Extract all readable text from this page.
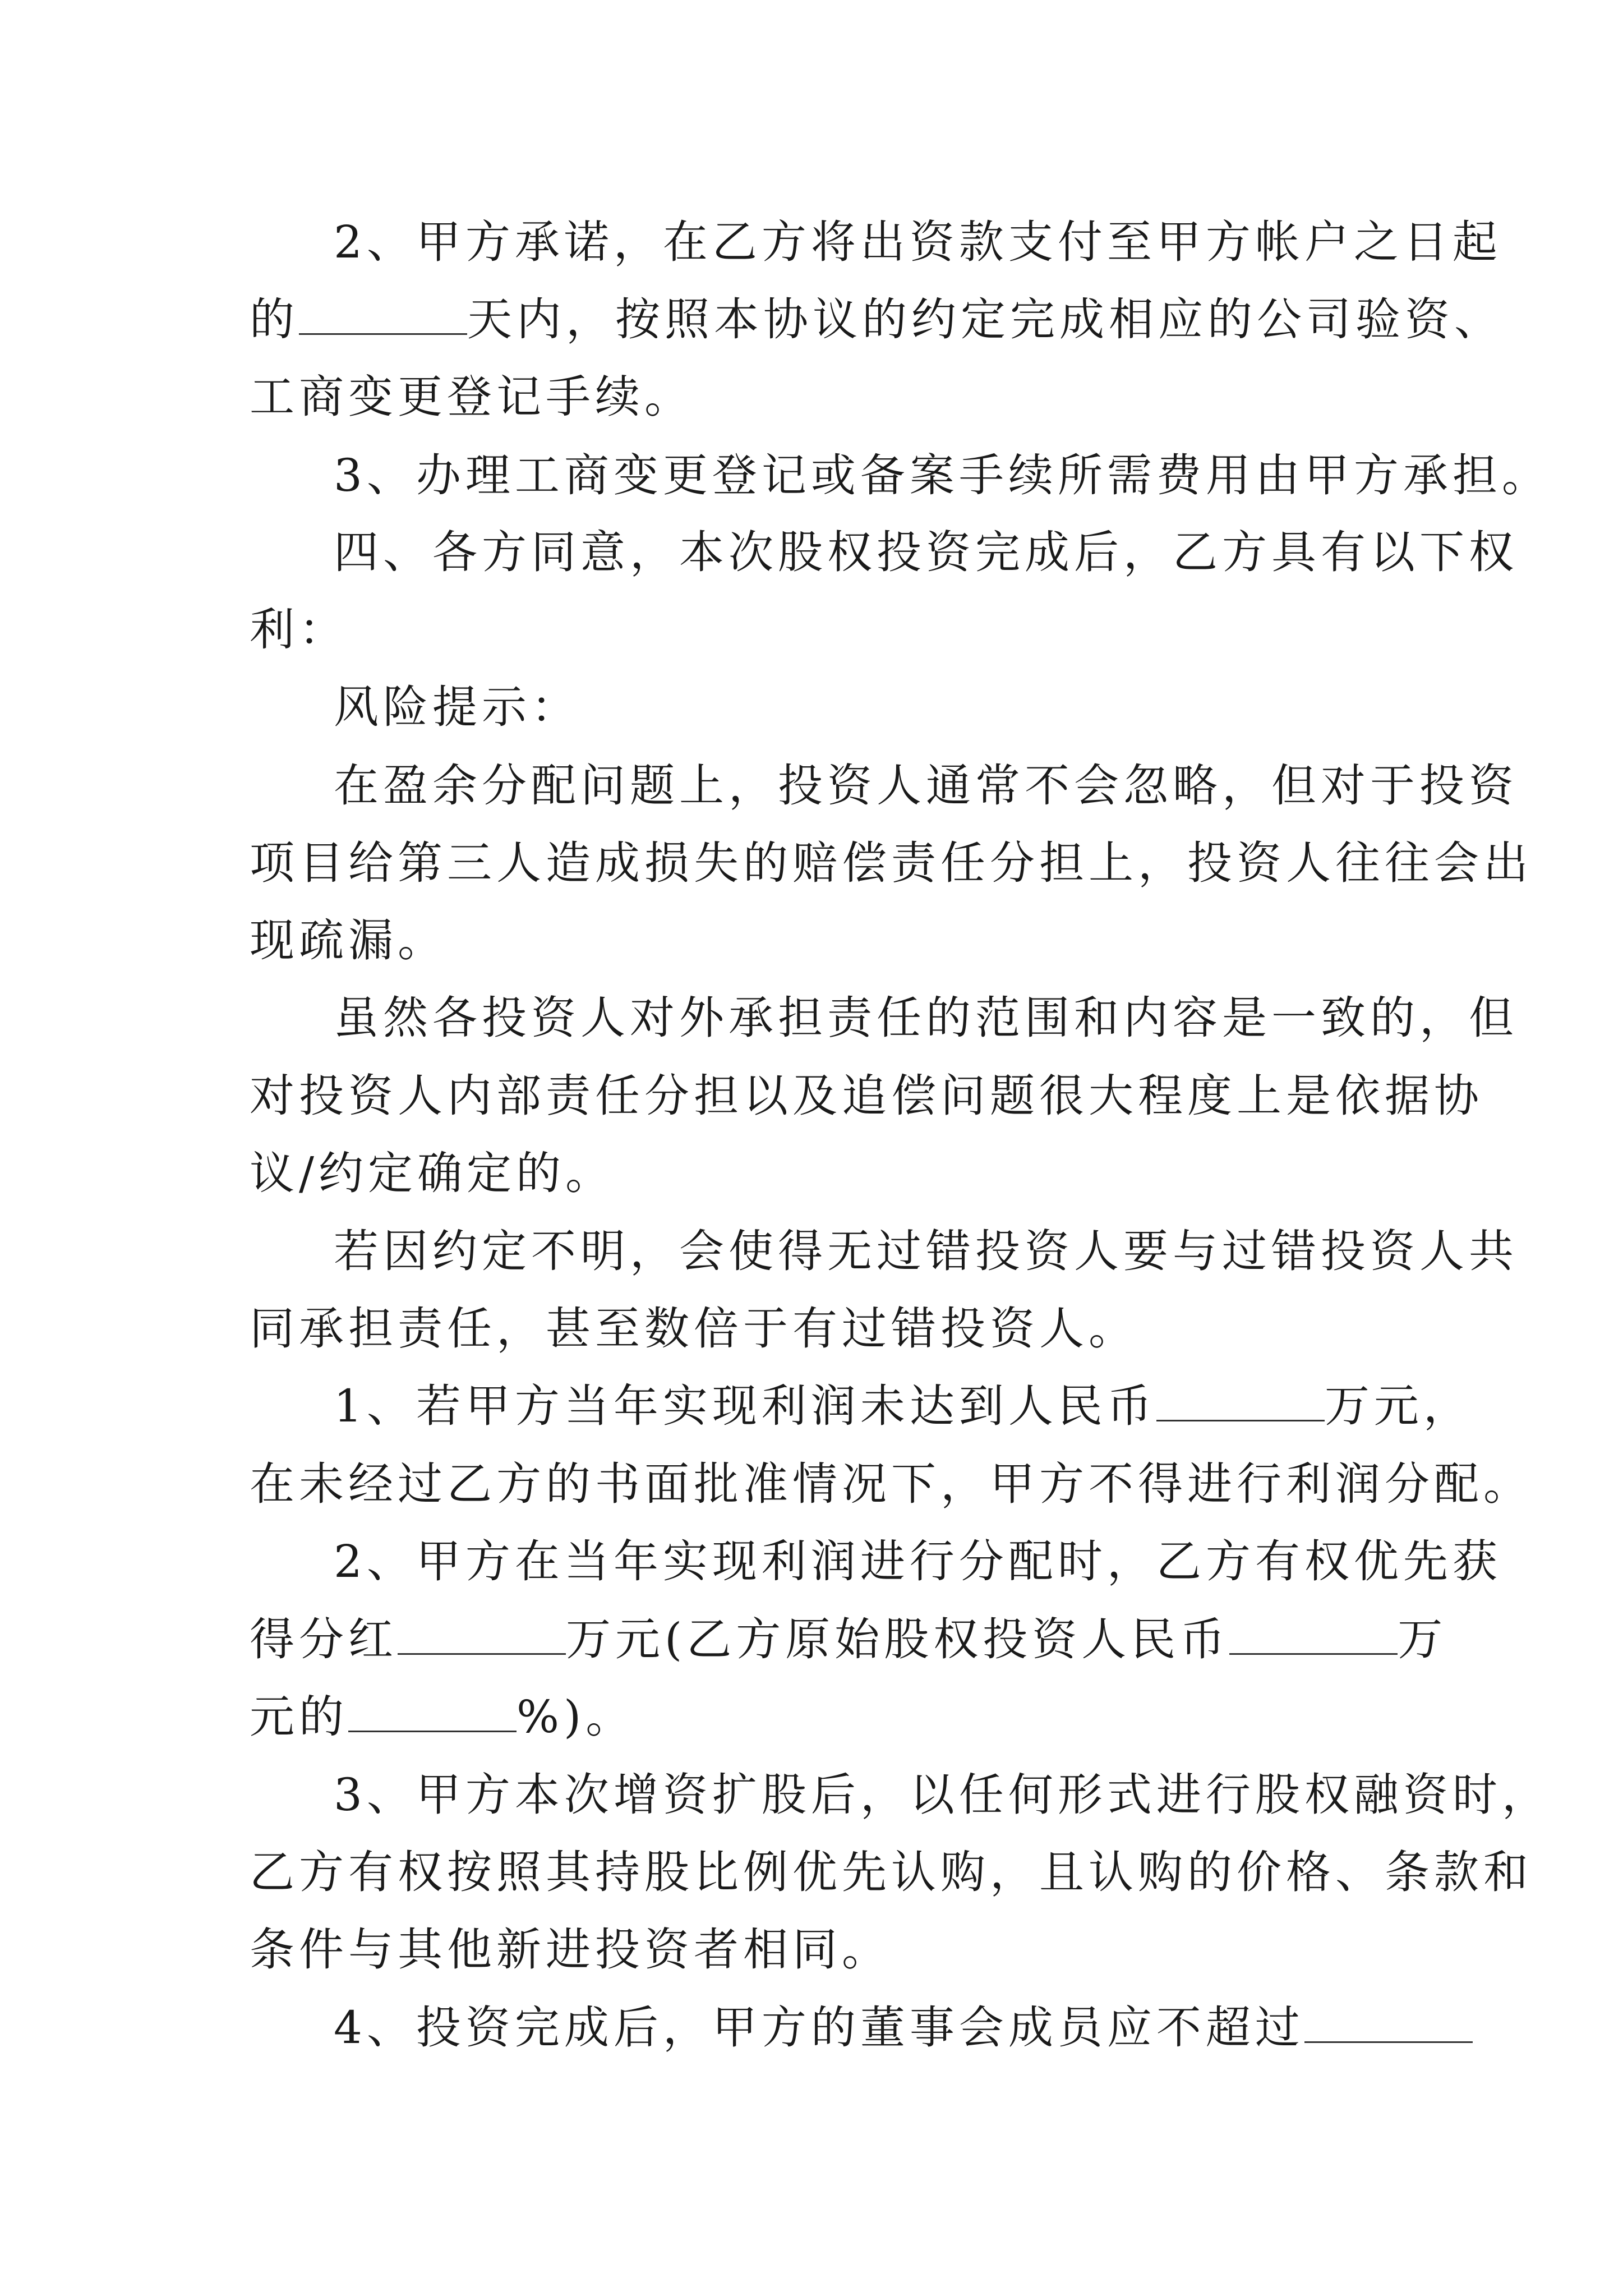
2、甲方承诺，在乙方将出资款支付至甲方帐户之日起
的	天内，按照本协议的约定完成相应的公司验资、
工商变更登记手续。
3、办理工商变更登记或备案手续所需费用由甲方承担。
四、各方同意，本次股权投资完成后，乙方具有以下权
利：
风险提示：
在盈余分配问题上，投资人通常不会忽略，但对于投资
项目给第三人造成损失的赔偿责任分担上，投资人往往会出
现疏漏。
虽然各投资人对外承担责任的范围和内容是一致的，但
对投资人内部责任分担以及追偿问题很大程度上是依据协
议/约定确定的。
若因约定不明，会使得无过错投资人要与过错投资人共
同承担责任，甚至数倍于有过错投资人。
1、若甲方当年实现利润未达到人民币	万元，
在未经过乙方的书面批准情况下，甲方不得进行利润分配。
2、甲方在当年实现利润进行分配时，乙方有权优先获
得分红	万元(乙方原始股权投资人民币	万
元的	%)。
3、甲方本次增资扩股后，以任何形式进行股权融资时，
乙方有权按照其持股比例优先认购，且认购的价格、条款和
条件与其他新进投资者相同。
4、投资完成后，甲方的董事会成员应不超过
